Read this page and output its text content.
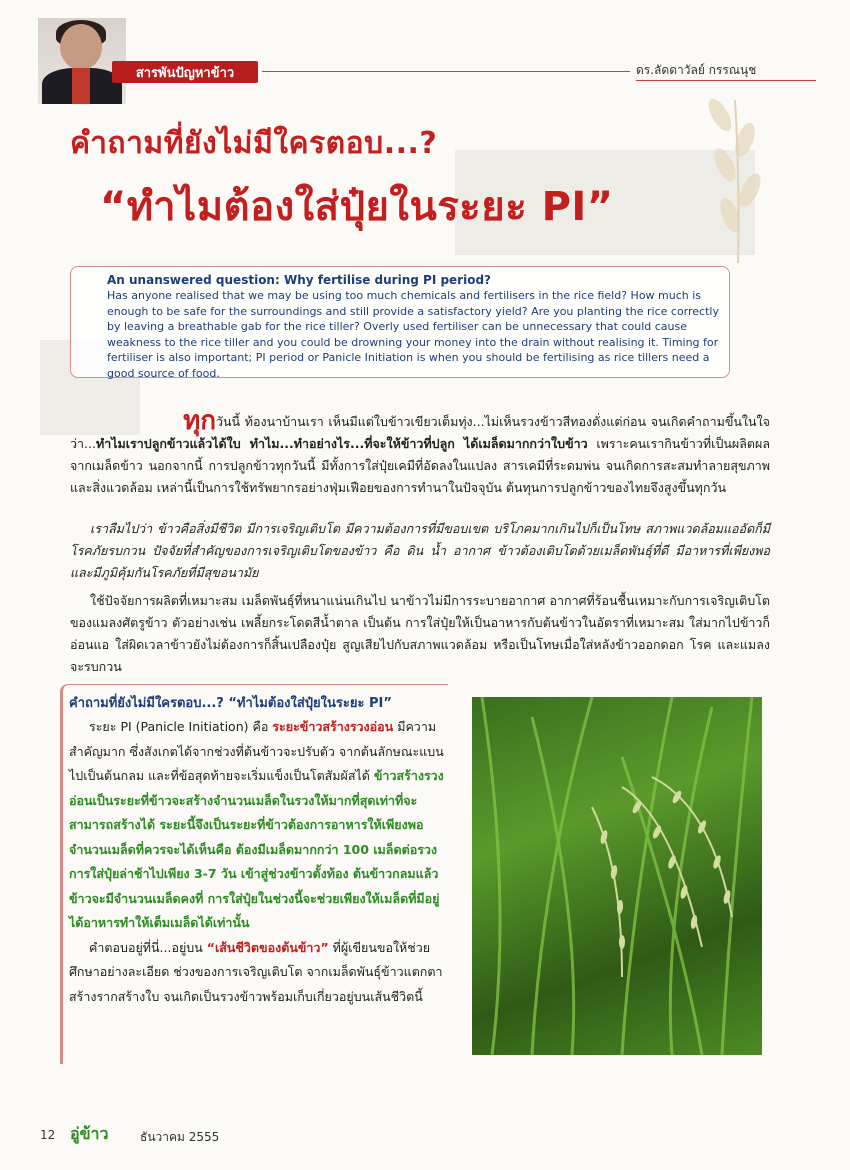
สารพันปัญหาข้าว	ดร.ลัดดาวัลย์ กรรณนุช
คำถามที่ยังไม่มีใครตอบ...?
“ทำไมต้องใส่ปุ๋ยในระยะ PI”
An unanswered question: Why fertilise during PI period?
Has anyone realised that we may be using too much chemicals and fertilisers in the rice field? How much is enough to be safe for the surroundings and still provide a satisfactory yield? Are you planting the rice correctly by leaving a breathable gab for the rice tiller? Overly used fertiliser can be unnecessary that could cause weakness to the rice tiller and you could be drowning your money into the drain without realising it. Timing for fertiliser is also important; PI period or Panicle Initiation is when you should be fertilising as rice tillers need a good source of food.
ทุกวันนี้ ท้องนาบ้านเรา เห็นมีแต่ใบข้าวเขียวเต็มทุ่ง...ไม่เห็นรวงข้าวสีทองดั่งแต่ก่อน จนเกิดคำถามขึ้นในใจว่า...ทำไมเราปลูกข้าวแล้วได้ใบ ทำไม...ทำอย่างไร...ที่จะให้ข้าวที่ปลูก ได้เมล็ดมากกว่าใบข้าว เพราะคนเรากินข้าวที่เป็นผลิตผลจากเมล็ดข้าว นอกจากนี้ การปลูกข้าวทุกวันนี้ มีทั้งการใส่ปุ๋ยเคมีที่อัดลงในแปลง สารเคมีที่ระดมพ่น จนเกิดการสะสมทำลายสุขภาพและสิ่งแวดล้อม เหล่านี้เป็นการใช้ทรัพยากรอย่างฟุ่มเฟือยของการทำนาในปัจจุบัน ต้นทุนการปลูกข้าวของไทยจึงสูงขึ้นทุกวัน
เราลืมไปว่า ข้าวคือสิ่งมีชีวิต มีการเจริญเติบโต มีความต้องการที่มีขอบเขต บริโภคมากเกินไปก็เป็นโทษ สภาพแวดล้อมแออัดก็มีโรคภัยรบกวน ปัจจัยที่สำคัญของการเจริญเติบโตของข้าว คือ ดิน น้ำ อากาศ ข้าวต้องเติบโตด้วยเมล็ดพันธุ์ที่ดี มีอาหารที่เพียงพอ และมีภูมิคุ้มกันโรคภัยที่มีสุขอนามัย
ใช้ปัจจัยการผลิตที่เหมาะสม เมล็ดพันธุ์ที่หนาแน่นเกินไป นาข้าวไม่มีการระบายอากาศ อากาศที่ร้อนชื้นเหมาะกับการเจริญเติบโตของแมลงศัตรูข้าว ตัวอย่างเช่น เพลี้ยกระโดดสีน้ำตาล เป็นต้น การใส่ปุ๋ยให้เป็นอาหารกับต้นข้าวในอัตราที่เหมาะสม ใส่มากไปข้าวก็อ่อนแอ ใส่ผิดเวลาข้าวยังไม่ต้องการก็สิ้นเปลืองปุ๋ย สูญเสียไปกับสภาพแวดล้อม หรือเป็นโทษเมื่อใส่หลังข้าวออกดอก โรค และแมลงจะรบกวน
คำถามที่ยังไม่มีใครตอบ...? “ทำไมต้องใส่ปุ๋ยในระยะ PI”
ระยะ PI (Panicle Initiation) คือ ระยะข้าวสร้างรวงอ่อน มีความสำคัญมาก ซึ่งสังเกตได้จากช่วงที่ต้นข้าวจะปรับตัว จากต้นลักษณะแบนไปเป็นต้นกลม และที่ข้อสุดท้ายจะเริ่มแข็งเป็นโตสัมผัสได้ ข้าวสร้างรวงอ่อนเป็นระยะที่ข้าวจะสร้างจำนวนเมล็ดในรวงให้มากที่สุดเท่าที่จะสามารถสร้างได้ ระยะนี้จึงเป็นระยะที่ข้าวต้องการอาหารให้เพียงพอ จำนวนเมล็ดที่ควรจะได้เห็นคือ ต้องมีเมล็ดมากกว่า 100 เมล็ดต่อรวง การใส่ปุ๋ยล่าช้าไปเพียง 3-7 วัน เข้าสู่ช่วงข้าวตั้งท้อง ต้นข้าวกลมแล้ว ข้าวจะมีจำนวนเมล็ดคงที่ การใส่ปุ๋ยในช่วงนี้จะช่วยเพียงให้เมล็ดที่มีอยู่ได้อาหารทำให้เต็มเมล็ดได้เท่านั้น
คำตอบอยู่ที่นี่...อยู่บน “เส้นชีวิตของต้นข้าว” ที่ผู้เขียนขอให้ช่วยศึกษาอย่างละเอียด ช่วงของการเจริญเติบโต จากเมล็ดพันธุ์ข้าวแตกตาสร้างรากสร้างใบ จนเกิดเป็นรวงข้าวพร้อมเก็บเกี่ยวอยู่บนเส้นชีวิตนี้
12 อู่ข้าว	ธันวาคม 2555
